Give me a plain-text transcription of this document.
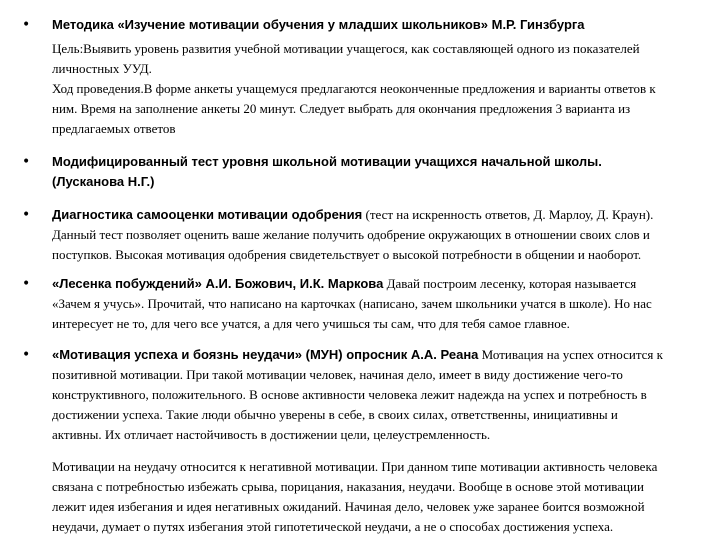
• Методика «Изучение мотивации обучения у младших школьников» М.Р. Гинзбурга
Цель:Выявить уровень развития учебной мотивации учащегося, как составляющей одного из показателей
личностных УУД.
Ход проведения.В форме анкеты учащемуся предлагаются неоконченные предложения и варианты ответов к
ним. Время на заполнение анкеты 20 минут. Следует выбрать для окончания предложения 3 варианта из
предлагаемых ответов
• Модифицированный тест уровня школьной мотивации учащихся начальной школы.
(Лусканова Н.Г.)
• Диагностика самооценки мотивации одобрения (тест на искренность ответов, Д. Марлоу, Д. Краун).
Данный тест позволяет оценить ваше желание получить одобрение окружающих в отношении своих слов и
поступков. Высокая мотивация одобрения свидетельствует о высокой потребности в общении и наоборот.
• «Лесенка побуждений» А.И. Божович, И.К. Маркова Давай построим лесенку, которая называется
«Зачем я учусь». Прочитай, что написано на карточках (написано, зачем школьники учатся в школе). Но нас
интересует не то, для чего все учатся, а для чего учишься ты сам, что для тебя самое главное.
• «Мотивация успеха и боязнь неудачи» (МУН) опросник А.А. Реана Мотивация на успех относится к
позитивной мотивации. При такой мотивации человек, начиная дело, имеет в виду достижение чего-то
конструктивного, положительного. В основе активности человека лежит надежда на успех и потребность в
достижении успеха. Такие люди обычно уверены в себе, в своих силах, ответственны, инициативны и
активны. Их отличает настойчивость в достижении цели, целеустремленность.
Мотивации на неудачу относится к негативной мотивации. При данном типе мотивации активность человека
связана с потребностью избежать срыва, порицания, наказания, неудачи. Вообще в основе этой мотивации
лежит идея избегания и идея негативных ожиданий. Начиная дело, человек уже заранее боится возможной
неудачи, думает о путях избегания этой гипотетической неудачи, а не о способах достижения успеха.
